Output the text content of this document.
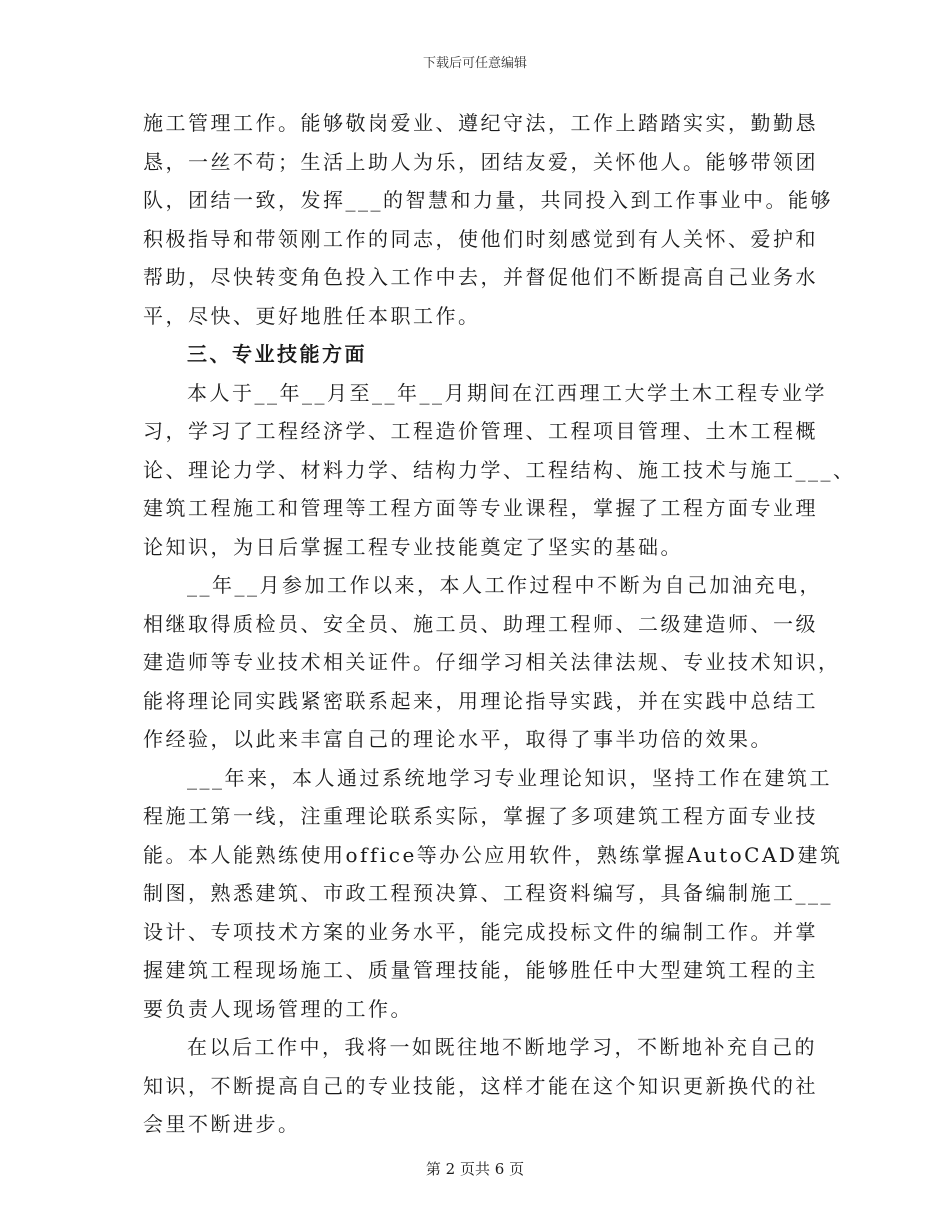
下载后可任意编辑
施工管理工作。能够敬岗爱业、遵纪守法，工作上踏踏实实，勤勤恳
恳，一丝不苟；生活上助人为乐，团结友爱，关怀他人。能够带领团
队，团结一致，发挥___的智慧和力量，共同投入到工作事业中。能够
积极指导和带领刚工作的同志，使他们时刻感觉到有人关怀、爱护和
帮助，尽快转变角色投入工作中去，并督促他们不断提高自己业务水
平，尽快、更好地胜任本职工作。
三、专业技能方面
本人于__年__月至__年__月期间在江西理工大学土木工程专业学
习，学习了工程经济学、工程造价管理、工程项目管理、土木工程概
论、理论力学、材料力学、结构力学、工程结构、施工技术与施工___、
建筑工程施工和管理等工程方面等专业课程，掌握了工程方面专业理
论知识，为日后掌握工程专业技能奠定了坚实的基础。
__年__月参加工作以来，本人工作过程中不断为自己加油充电，
相继取得质检员、安全员、施工员、助理工程师、二级建造师、一级
建造师等专业技术相关证件。仔细学习相关法律法规、专业技术知识，
能将理论同实践紧密联系起来，用理论指导实践，并在实践中总结工
作经验，以此来丰富自己的理论水平，取得了事半功倍的效果。
___年来，本人通过系统地学习专业理论知识，坚持工作在建筑工
程施工第一线，注重理论联系实际，掌握了多项建筑工程方面专业技
能。本人能熟练使用office等办公应用软件，熟练掌握AutoCAD建筑
制图，熟悉建筑、市政工程预决算、工程资料编写，具备编制施工___
设计、专项技术方案的业务水平，能完成投标文件的编制工作。并掌
握建筑工程现场施工、质量管理技能，能够胜任中大型建筑工程的主
要负责人现场管理的工作。
在以后工作中，我将一如既往地不断地学习，不断地补充自己的
知识，不断提高自己的专业技能，这样才能在这个知识更新换代的社
会里不断进步。
第 2 页共 6 页
